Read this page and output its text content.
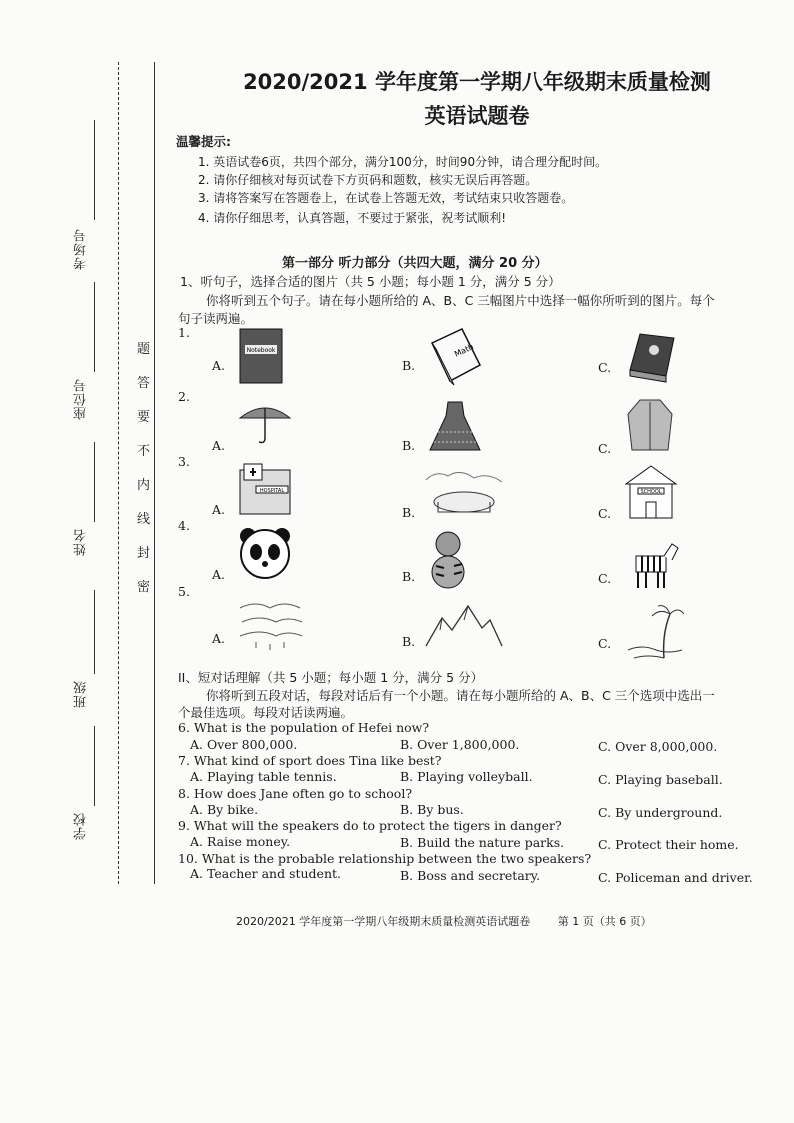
考场号
座位号
姓名
班级
学校
题
答
要
不
内
线
封
密
2020/2021 学年度第一学期八年级期末质量检测
英语试题卷
温馨提示:
1. 英语试卷6页，共四个部分，满分100分，时间90分钟，请合理分配时间。
2. 请你仔细核对每页试卷下方页码和题数，核实无误后再答题。
3. 请将答案写在答题卷上，在试卷上答题无效，考试结束只收答题卷。
4. 请你仔细思考，认真答题，不要过于紧张，祝考试顺利!
第一部分 听力部分（共四大题，满分 20 分）
1、听句子，选择合适的图片（共 5 小题；每小题 1 分，满分 5 分）
你将听到五个句子。请在每小题所给的 A、B、C 三幅图片中选择一幅你所听到的图片。每个
句子读两遍。
1.
2.
3.
4.
5.
A.
Notebook
B.
Math
C.
A.	B.	C.
A.
HOSPITAL
B.	C.
SCHOOL
A.	B.	C.
A.	B.	C.
II、短对话理解（共 5 小题；每小题 1 分，满分 5 分）
你将听到五段对话，每段对话后有一个小题。请在每小题所给的 A、B、C 三个选项中选出一
个最佳选项。每段对话读两遍。
6. What is the population of Hefei now?
A. Over 800,000.	B. Over 1,800,000.	C. Over 8,000,000.
7. What kind of sport does Tina like best?
A. Playing table tennis.	B. Playing volleyball.	C. Playing baseball.
8. How does Jane often go to school?
A. By bike.	B. By bus.	C. By underground.
9. What will the speakers do to protect the tigers in danger?
A. Raise money.	B. Build the nature parks.	C. Protect their home.
10. What is the probable relationship between the two speakers?
A. Teacher and student.	B. Boss and secretary.	C. Policeman and driver.
2020/2021 学年度第一学期八年级期末质量检测英语试题卷	第 1 页（共 6 页）
